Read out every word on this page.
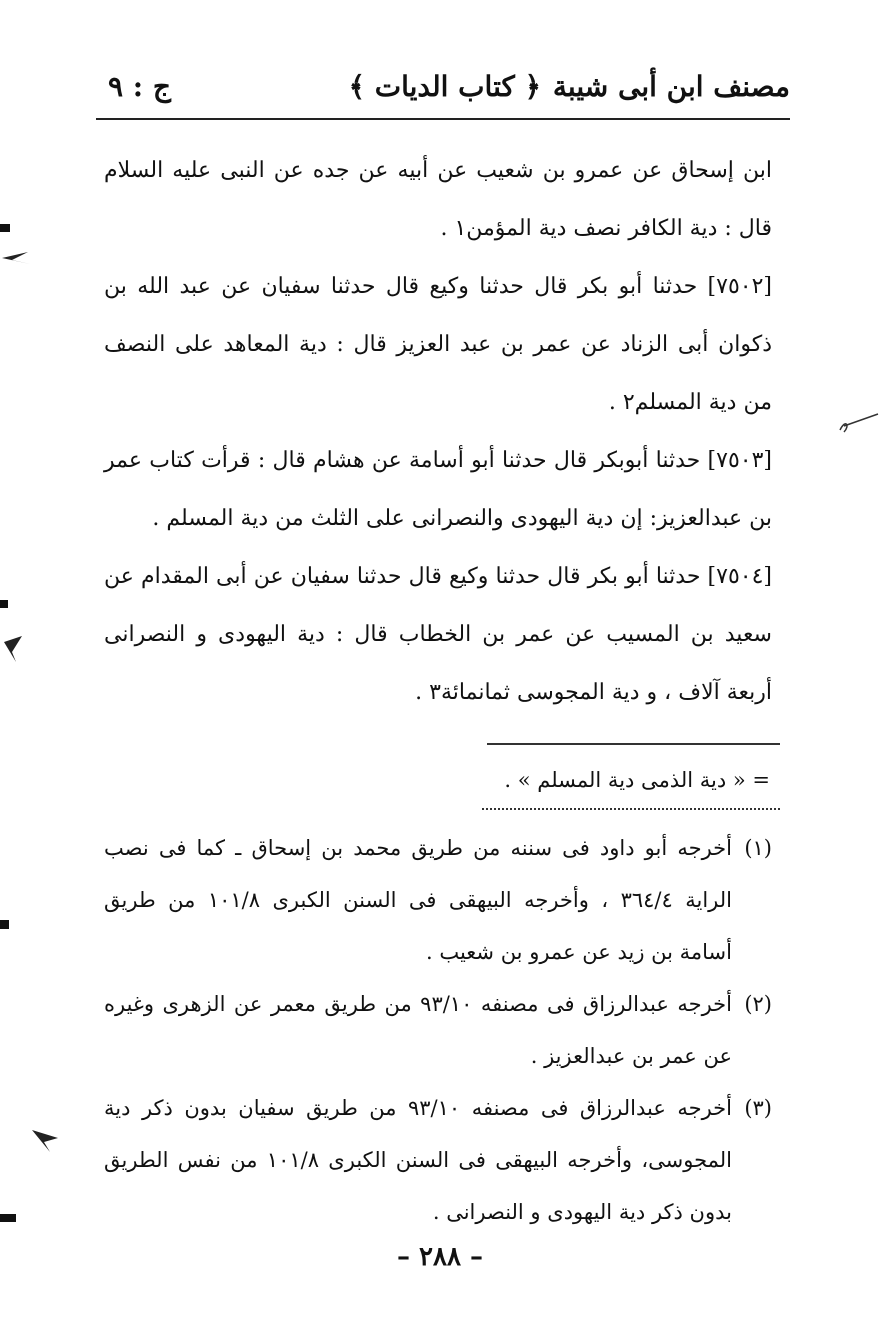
مصنف ابن أبى شيبة
﴿ كتاب الديات ﴾
ج : ٩

ابن إسحاق عن عمرو بن شعيب عن أبيه عن جده عن النبى عليه السلام قال : دية الكافر نصف دية المؤمن١ .

[٧٥٠٢] حدثنا أبو بكر قال حدثنا وكيع قال حدثنا سفيان عن عبد الله بن ذكوان أبى الزناد عن عمر بن عبد العزيز قال : دية المعاهد على النصف من دية المسلم٢ .

[٧٥٠٣] حدثنا أبوبكر قال حدثنا أبو أسامة عن هشام قال : قرأت كتاب عمر بن عبدالعزيز: إن دية اليهودى والنصرانى على الثلث من دية المسلم .

[٧٥٠٤] حدثنا أبو بكر قال حدثنا وكيع قال حدثنا سفيان عن أبى المقدام عن سعيد بن المسيب عن عمر بن الخطاب قال : دية اليهودى و النصرانى أربعة آلاف ، و دية المجوسى ثمانمائة٣ .

= « دية الذمى دية المسلم » .
(١)
أخرجه أبو داود فى سننه من طريق محمد بن إسحاق ـ كما فى نصب الراية ٣٦٤/٤ ، وأخرجه البيهقى فى السنن الكبرى ١٠١/٨ من طريق أسامة بن زيد عن عمرو بن شعيب .
(٢)
أخرجه عبدالرزاق فى مصنفه ٩٣/١٠ من طريق معمر عن الزهرى وغيره عن عمر بن عبدالعزيز .
(٣)
أخرجه عبدالرزاق فى مصنفه ٩٣/١٠ من طريق سفيان بدون ذكر دية المجوسى، وأخرجه البيهقى فى السنن الكبرى ١٠١/٨ من نفس الطريق بدون ذكر دية اليهودى و النصرانى .
– ٢٨٨ –
